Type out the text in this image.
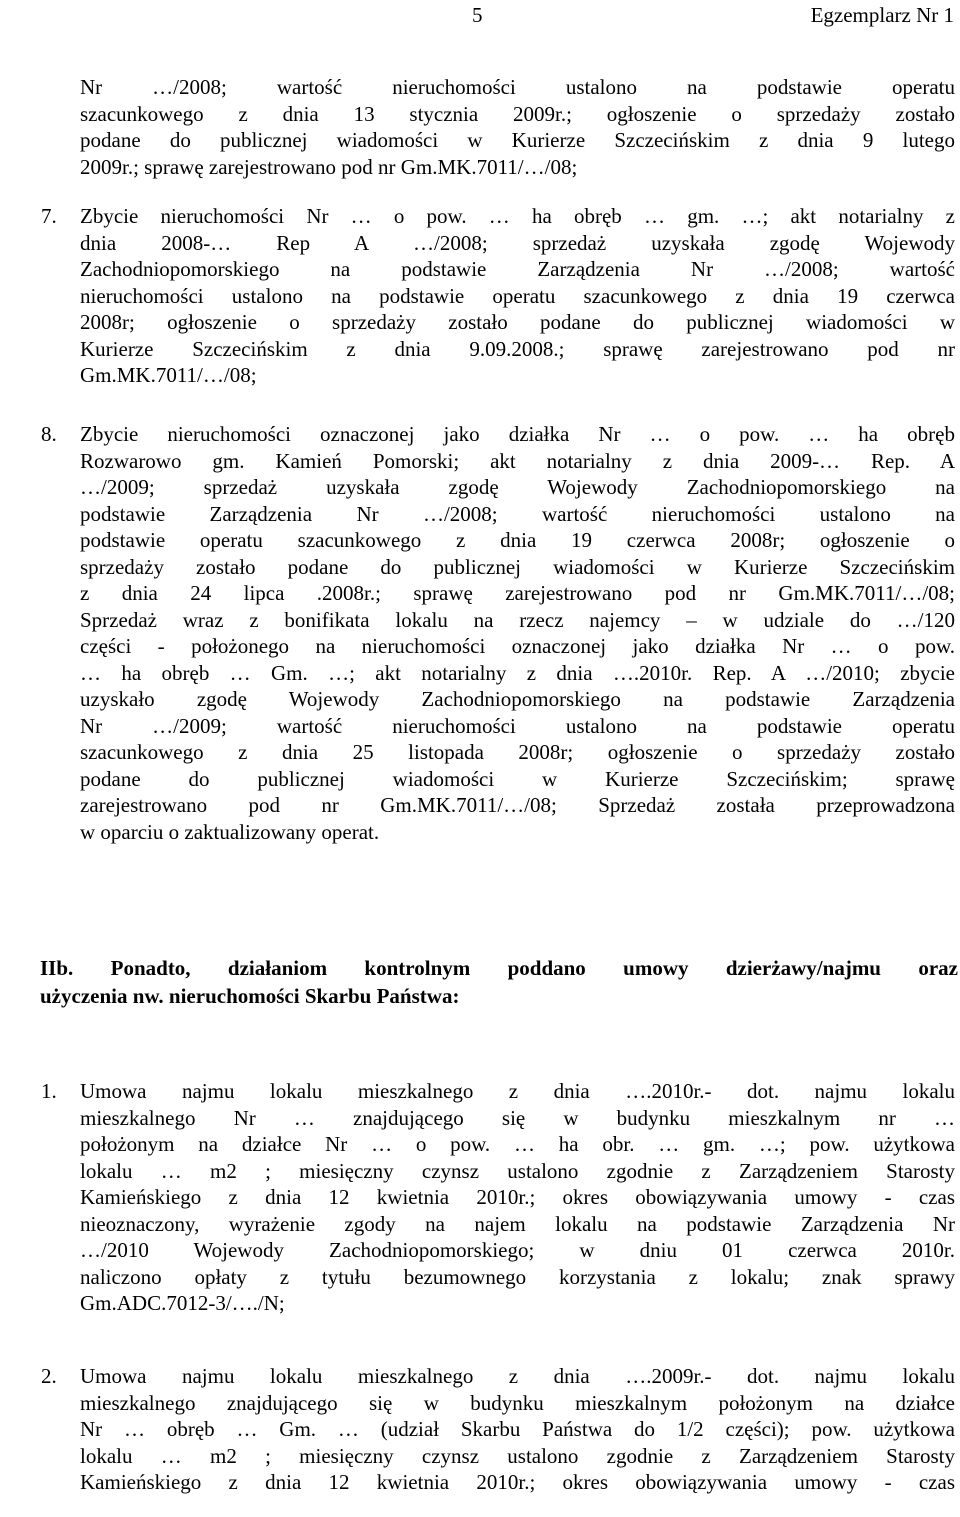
5	Egzemplarz Nr 1
Nr …/2008; wartość nieruchomości ustalono na podstawie operatu
szacunkowego z dnia 13 stycznia 2009r.; ogłoszenie o sprzedaży zostało
podane do publicznej wiadomości w Kurierze Szczecińskim z dnia 9 lutego
2009r.; sprawę zarejestrowano pod nr Gm.MK.7011/…/08;
7.	Zbycie nieruchomości Nr … o pow. … ha obręb … gm. …; akt notarialny z
dnia 2008-… Rep A …/2008; sprzedaż uzyskała zgodę Wojewody
Zachodniopomorskiego na podstawie Zarządzenia Nr …/2008; wartość
nieruchomości ustalono na podstawie operatu szacunkowego z dnia 19 czerwca
2008r; ogłoszenie o sprzedaży zostało podane do publicznej wiadomości w
Kurierze Szczecińskim z dnia 9.09.2008.; sprawę zarejestrowano pod nr
Gm.MK.7011/…/08;
8.	Zbycie nieruchomości oznaczonej jako działka Nr … o pow. … ha obręb
Rozwarowo gm. Kamień Pomorski; akt notarialny z dnia 2009-… Rep. A
…/2009; sprzedaż uzyskała zgodę Wojewody Zachodniopomorskiego na
podstawie Zarządzenia Nr …/2008; wartość nieruchomości ustalono na
podstawie operatu szacunkowego z dnia 19 czerwca 2008r; ogłoszenie o
sprzedaży zostało podane do publicznej wiadomości w Kurierze Szczecińskim
z dnia 24 lipca .2008r.; sprawę zarejestrowano pod nr Gm.MK.7011/…/08;
Sprzedaż wraz z bonifikata lokalu na rzecz najemcy – w udziale do …/120
części - położonego na nieruchomości oznaczonej jako działka Nr … o pow.
… ha obręb … Gm. …; akt notarialny z dnia ….2010r. Rep. A …/2010; zbycie
uzyskało zgodę Wojewody Zachodniopomorskiego na podstawie Zarządzenia
Nr …/2009; wartość nieruchomości ustalono na podstawie operatu
szacunkowego z dnia 25 listopada 2008r; ogłoszenie o sprzedaży zostało
podane do publicznej wiadomości w Kurierze Szczecińskim; sprawę
zarejestrowano pod nr Gm.MK.7011/…/08; Sprzedaż została przeprowadzona
w oparciu o zaktualizowany operat.
IIb. Ponadto, działaniom kontrolnym poddano umowy dzierżawy/najmu oraz
użyczenia nw. nieruchomości Skarbu Państwa:
1.	Umowa najmu lokalu mieszkalnego z dnia ….2010r.- dot. najmu lokalu
mieszkalnego Nr … znajdującego się w budynku mieszkalnym nr …
położonym na działce Nr … o pow. … ha obr. … gm. …; pow. użytkowa
lokalu … m2 ; miesięczny czynsz ustalono zgodnie z Zarządzeniem Starosty
Kamieńskiego z dnia 12 kwietnia 2010r.; okres obowiązywania umowy - czas
nieoznaczony, wyrażenie zgody na najem lokalu na podstawie Zarządzenia Nr
…/2010 Wojewody Zachodniopomorskiego; w dniu 01 czerwca 2010r.
naliczono opłaty z tytułu bezumownego korzystania z lokalu; znak sprawy
Gm.ADC.7012-3/…./N;
2.	Umowa najmu lokalu mieszkalnego z dnia ….2009r.- dot. najmu lokalu
mieszkalnego znajdującego się w budynku mieszkalnym położonym na działce
Nr … obręb … Gm. … (udział Skarbu Państwa do 1/2 części); pow. użytkowa
lokalu … m2 ; miesięczny czynsz ustalono zgodnie z Zarządzeniem Starosty
Kamieńskiego z dnia 12 kwietnia 2010r.; okres obowiązywania umowy - czas
